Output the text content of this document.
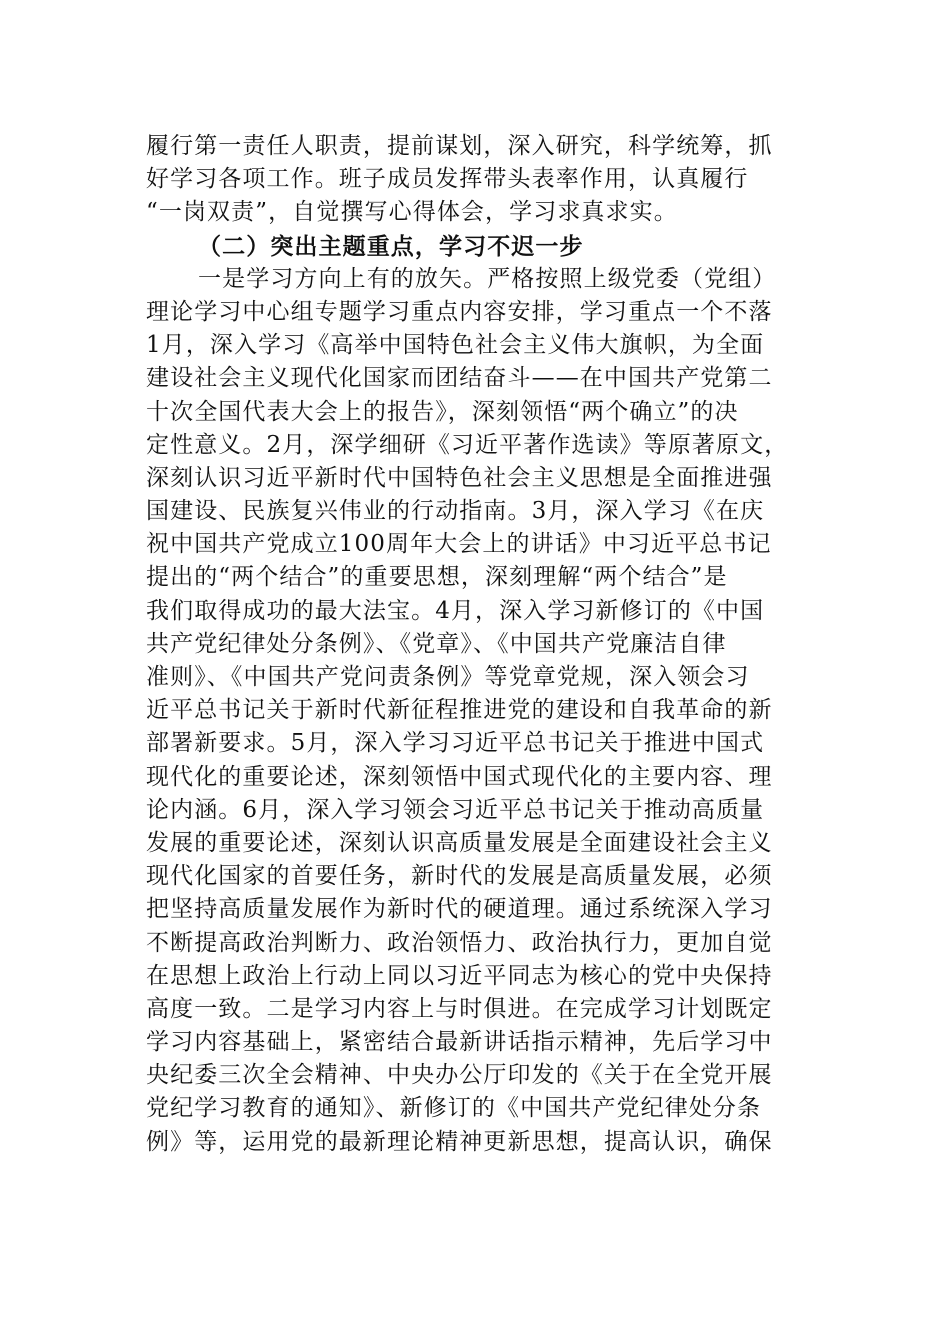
履行第一责任人职责，提前谋划，深入研究，科学统筹，抓
好学习各项工作。班子成员发挥带头表率作用，认真履行
“一岗双责”，自觉撰写心得体会，学习求真求实。
（二）突出主题重点，学习不迟一步
一是学习方向上有的放矢。严格按照上级党委（党组）
理论学习中心组专题学习重点内容安排，学习重点一个不落
1月，深入学习《高举中国特色社会主义伟大旗帜，为全面
建设社会主义现代化国家而团结奋斗——在中国共产党第二
十次全国代表大会上的报告》，深刻领悟“两个确立”的决
定性意义。2月，深学细研《习近平著作选读》等原著原文，
深刻认识习近平新时代中国特色社会主义思想是全面推进强
国建设、民族复兴伟业的行动指南。3月，深入学习《在庆
祝中国共产党成立100周年大会上的讲话》中习近平总书记
提出的“两个结合”的重要思想，深刻理解“两个结合”是
我们取得成功的最大法宝。4月，深入学习新修订的《中国
共产党纪律处分条例》、《党章》、《中国共产党廉洁自律
准则》、《中国共产党问责条例》等党章党规，深入领会习
近平总书记关于新时代新征程推进党的建设和自我革命的新
部署新要求。5月，深入学习习近平总书记关于推进中国式
现代化的重要论述，深刻领悟中国式现代化的主要内容、理
论内涵。6月，深入学习领会习近平总书记关于推动高质量
发展的重要论述，深刻认识高质量发展是全面建设社会主义
现代化国家的首要任务，新时代的发展是高质量发展，必须
把坚持高质量发展作为新时代的硬道理。通过系统深入学习
不断提高政治判断力、政治领悟力、政治执行力，更加自觉
在思想上政治上行动上同以习近平同志为核心的党中央保持
高度一致。二是学习内容上与时俱进。在完成学习计划既定
学习内容基础上，紧密结合最新讲话指示精神，先后学习中
央纪委三次全会精神、中央办公厅印发的《关于在全党开展
党纪学习教育的通知》、新修订的《中国共产党纪律处分条
例》等，运用党的最新理论精神更新思想，提高认识，确保
